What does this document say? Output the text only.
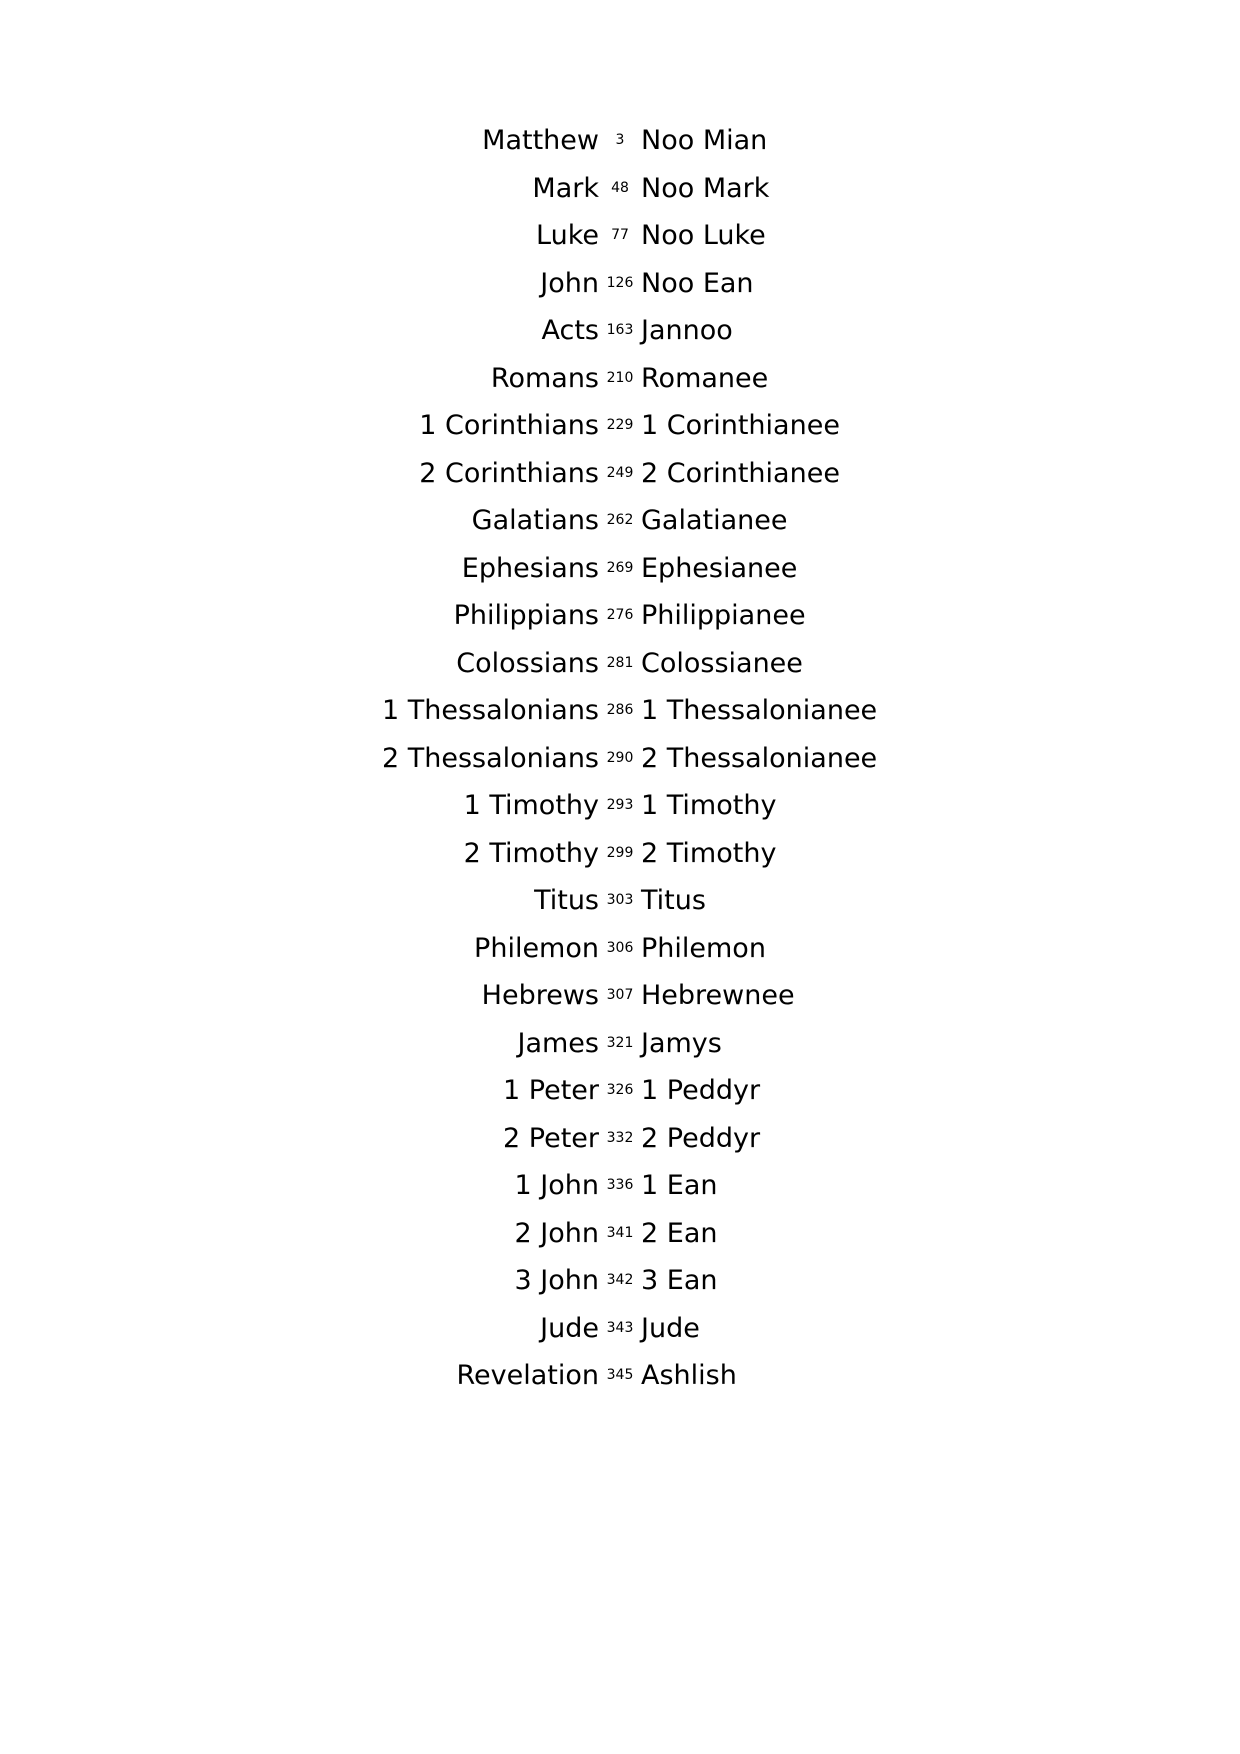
Matthew	3 Noo Mian
Mark 48 Noo Mark
Luke 77 Noo Luke
John 126 Noo Ean
Acts 163 Jannoo
Romans 210 Romanee
1 Corinthians 229 1 Corinthianee
2 Corinthians 249 2 Corinthianee
Galatians 262 Galatianee
Ephesians 269 Ephesianee
Philippians 276 Philippianee
Colossians 281 Colossianee
1 Thessalonians 286 1 Thessalonianee
2 Thessalonians 290 2 Thessalonianee
1 Timothy 293 1 Timothy
2 Timothy 299 2 Timothy
Titus 303 Titus
Philemon 306 Philemon
Hebrews 307 Hebrewnee
James 321 Jamys
1 Peter 326 1 Peddyr
2 Peter 332 2 Peddyr
1 John 336 1 Ean
2 John 341 2 Ean
3 John 342 3 Ean
Jude 343 Jude
Revelation 345 Ashlish
